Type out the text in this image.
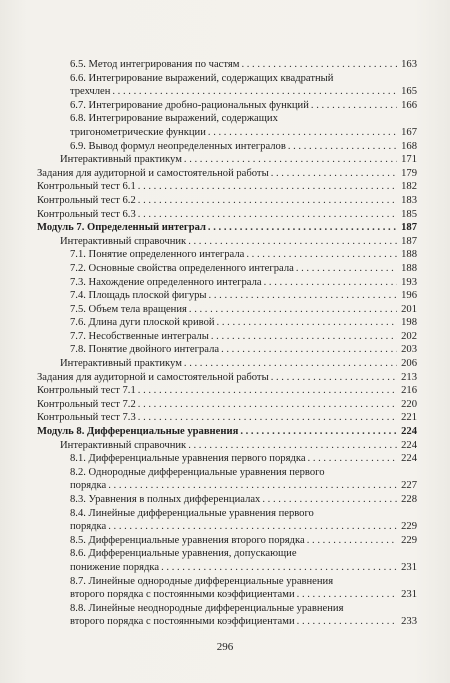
6.5. Метод интегрирования по частям . . .	163
6.6. Интегрирование выражений, содержащих квадратный
трехчлен . . .	165
6.7. Интегрирование дробно-рациональных функций . . .	166
6.8. Интегрирование выражений, содержащих
тригонометрические функции . . .	167
6.9. Вывод формул неопределенных интегралов . . .	168
Интерактивный практикум . . .	171
Задания для аудиторной и самостоятельной работы . . .	179
Контрольный тест 6.1 . . .	182
Контрольный тест 6.2 . . .	183
Контрольный тест 6.3 . . .	185
Модуль 7. Определенный интеграл . . .	187
Интерактивный справочник . . .	187
7.1. Понятие определенного интеграла . . .	188
7.2. Основные свойства определенного интеграла . . .	188
7.3. Нахождение определенного интеграла . . .	193
7.4. Площадь плоской фигуры . . .	196
7.5. Объем тела вращения . . .	201
7.6. Длина дуги плоской кривой . . .	198
7.7. Несобственные интегралы . . .	202
7.8. Понятие двойного интеграла . . .	203
Интерактивный практикум . . .	206
Задания для аудиторной и самостоятельной работы . . .	213
Контрольный тест 7.1 . . .	216
Контрольный тест 7.2 . . .	220
Контрольный тест 7.3 . . .	221
Модуль 8. Дифференциальные уравнения . . .	224
Интерактивный справочник . . .	224
8.1. Дифференциальные уравнения первого порядка . . .	224
8.2. Однородные дифференциальные уравнения первого
порядка . . .	227
8.3. Уравнения в полных дифференциалах . . .	228
8.4. Линейные дифференциальные уравнения первого
порядка . . .	229
8.5. Дифференциальные уравнения второго порядка . . .	229
8.6. Дифференциальные уравнения, допускающие
понижение порядка . . .	231
8.7. Линейные однородные дифференциальные уравнения
второго порядка с постоянными коэффициентами . . .	231
8.8. Линейные неоднородные дифференциальные уравнения
второго порядка с постоянными коэффициентами . . .	233
296
